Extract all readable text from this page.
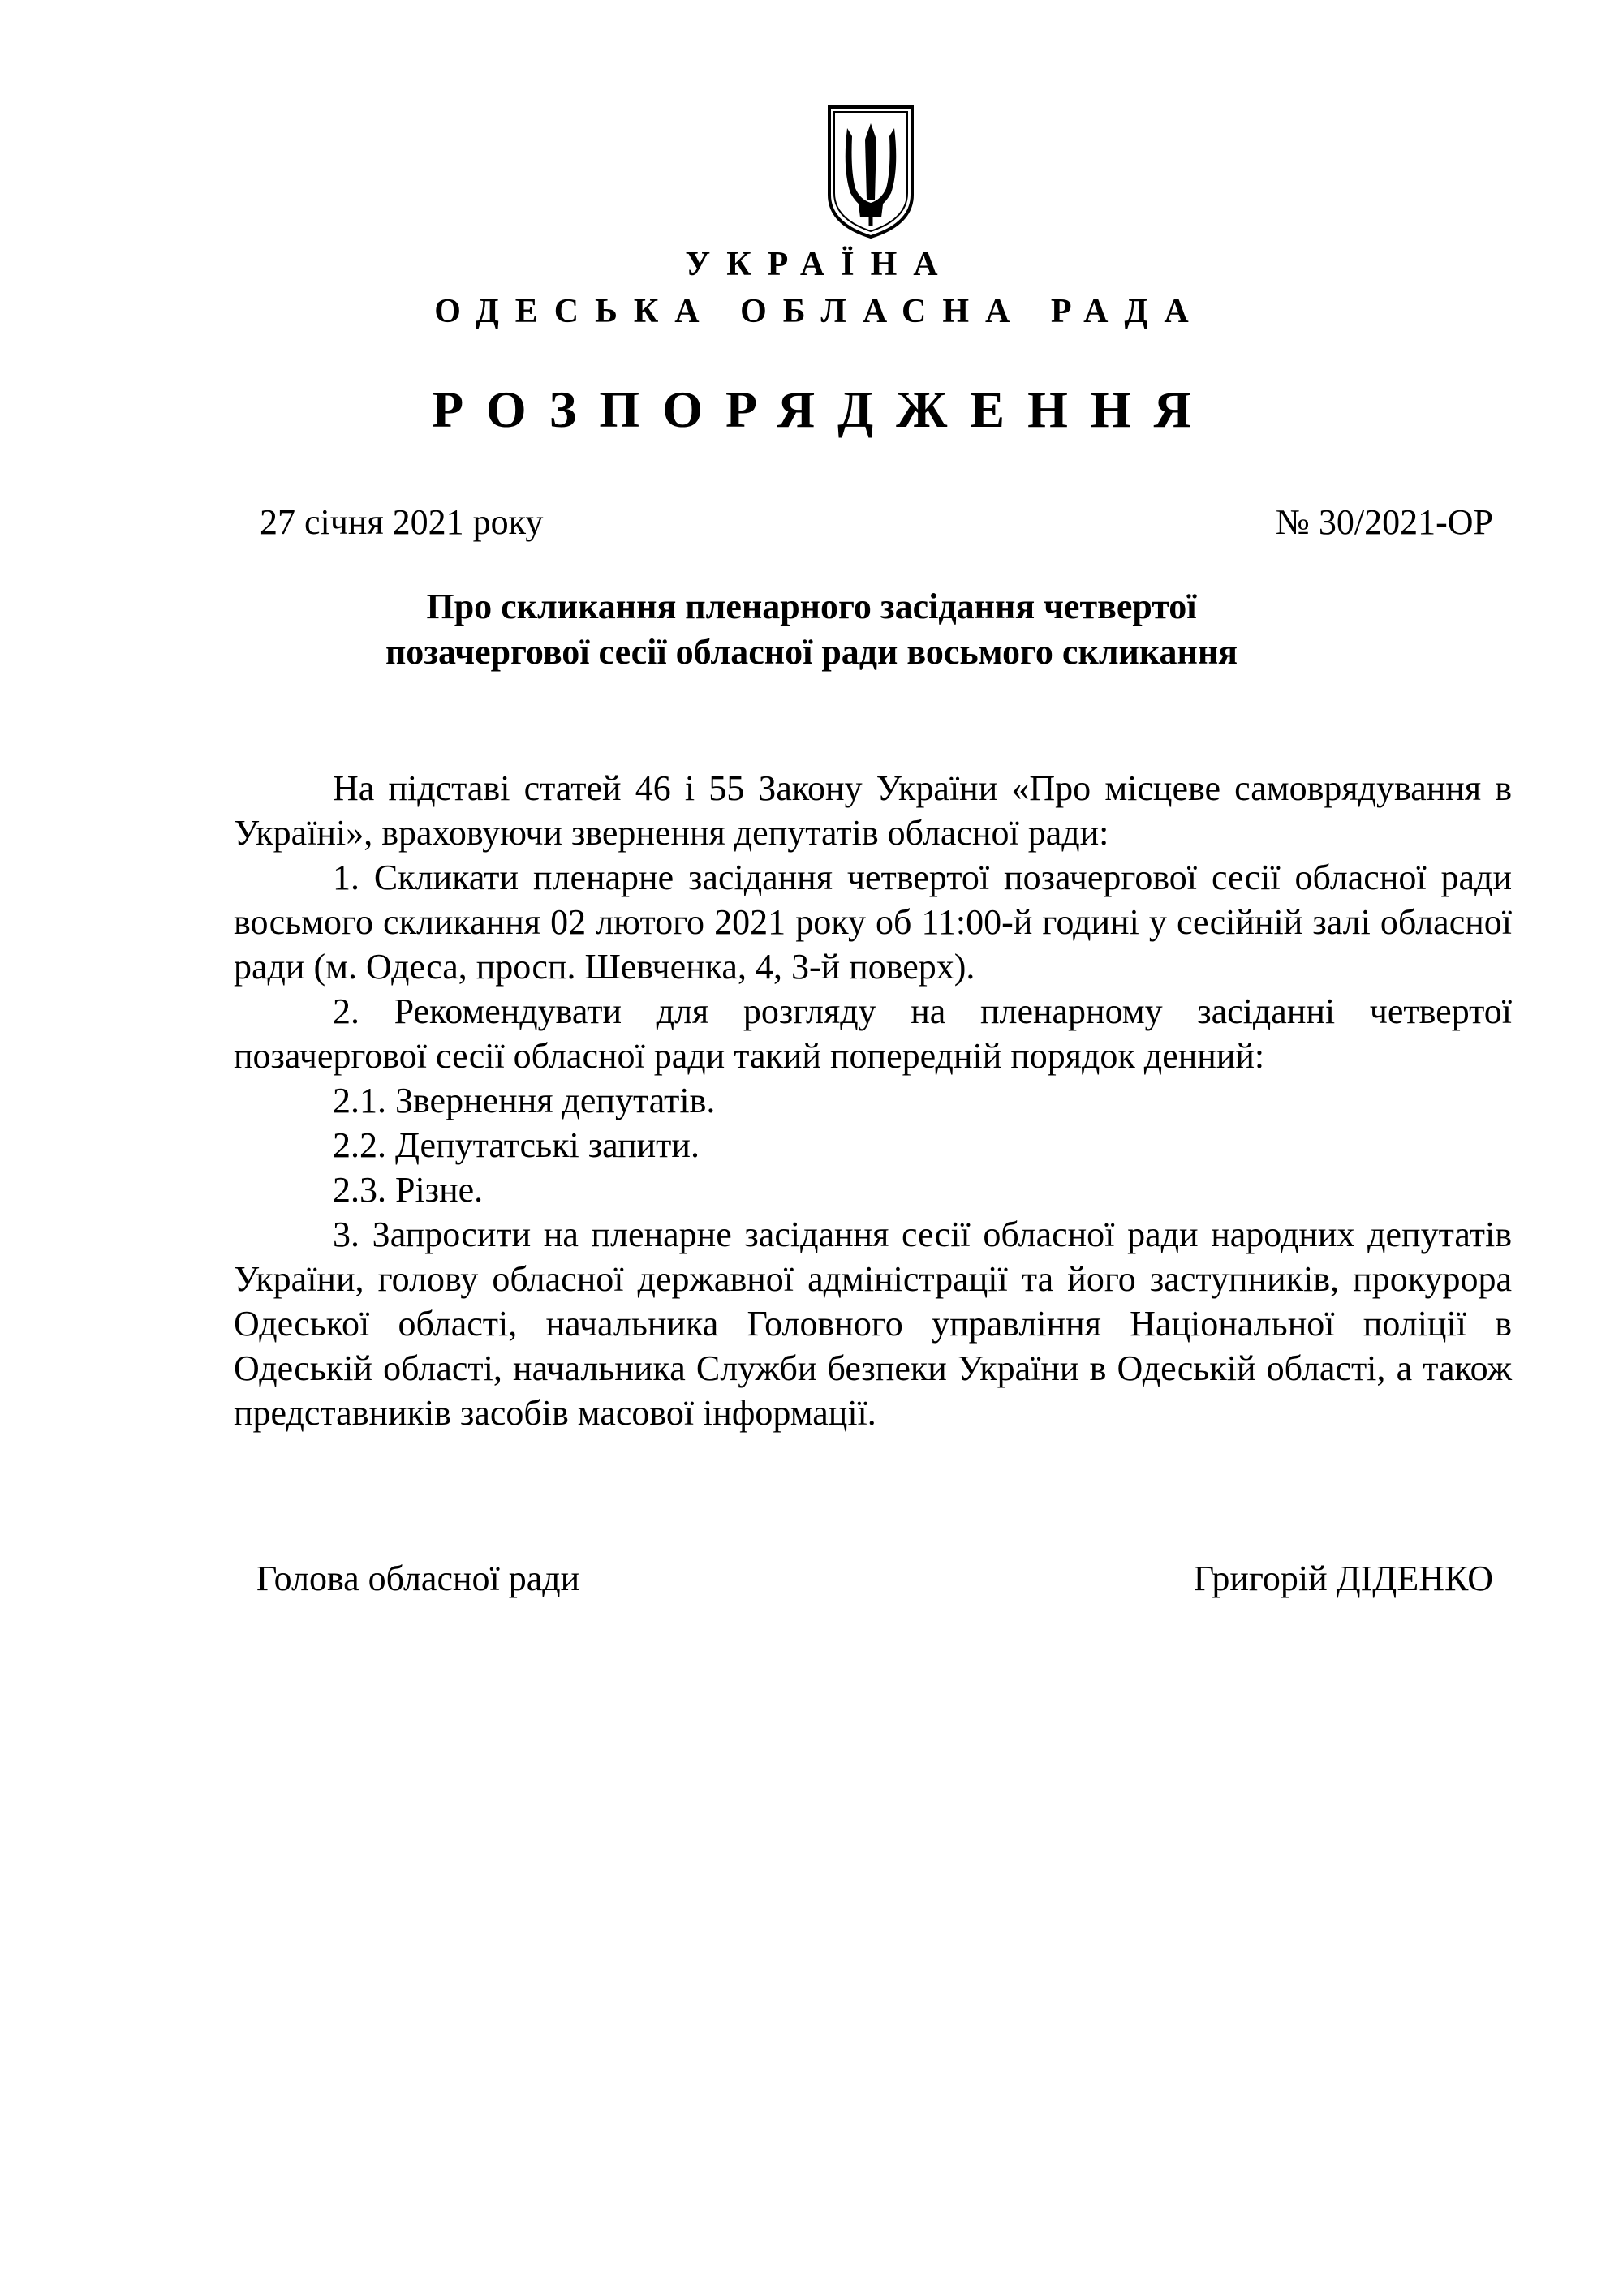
УКРАЇНА
ОДЕСЬКА ОБЛАСНА РАДА
РОЗПОРЯДЖЕННЯ
27 січня 2021 року	№ 30/2021-ОР
Про скликання пленарного засідання четвертої
позачергової сесії обласної ради восьмого скликання

На підставі статей 46 і 55 Закону України «Про місцеве самоврядування в Україні», враховуючи звернення депутатів обласної ради:

1. Скликати пленарне засідання четвертої позачергової сесії обласної ради восьмого скликання 02 лютого 2021 року об 11:00-й годині у сесійній залі обласної ради (м. Одеса, просп. Шевченка, 4, 3-й поверх).

2. Рекомендувати для розгляду на пленарному засіданні четвертої позачергової сесії обласної ради такий попередній порядок денний:

2.1. Звернення депутатів.

2.2. Депутатські запити.

2.3. Різне.

3. Запросити на пленарне засідання сесії обласної ради народних депутатів України, голову обласної державної адміністрації та його заступників, прокурора Одеської області, начальника Головного управління Національної поліції в Одеській області, начальника Служби безпеки України в Одеській області, а також представників засобів масової інформації.

Голова обласної ради	Григорій ДІДЕНКО
